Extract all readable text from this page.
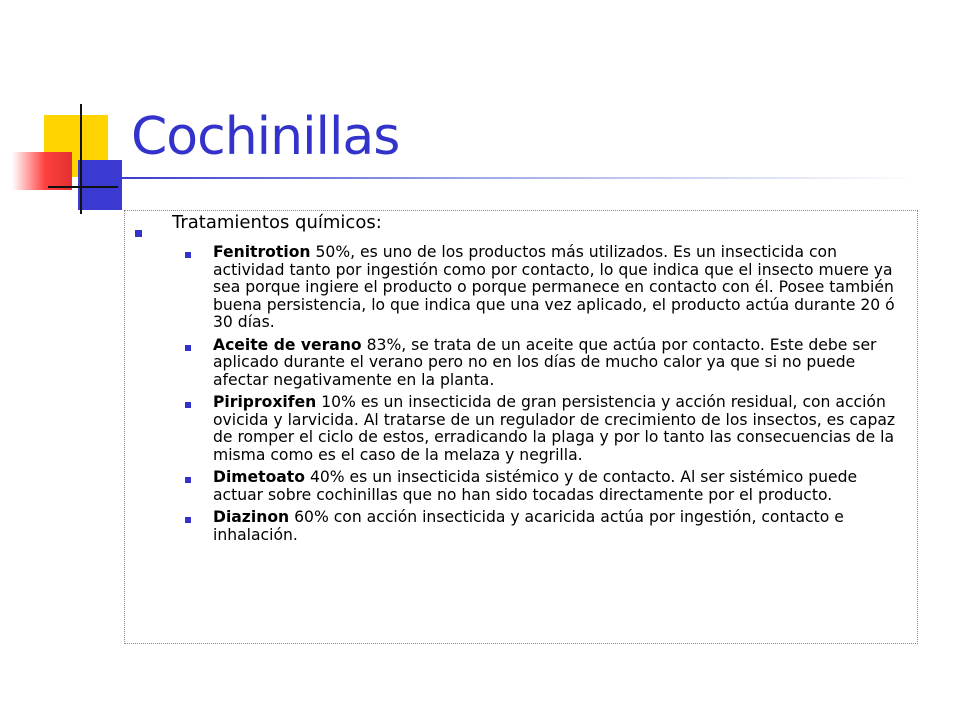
Cochinillas
Tratamientos químicos:
Fenitrotion 50%, es uno de los productos más utilizados. Es un insecticida con actividad tanto por ingestión como por contacto, lo que indica que el insecto muere ya sea porque ingiere el producto o porque permanece en contacto con él. Posee también buena persistencia, lo que indica que una vez aplicado, el producto actúa durante 20 ó 30 días.
Aceite de verano 83%, se trata de un aceite que actúa por contacto. Este debe ser aplicado durante el verano pero no en los días de mucho calor ya que si no puede afectar negativamente en la planta.
Piriproxifen 10% es un insecticida de gran persistencia y acción residual, con acción ovicida y larvicida. Al tratarse de un regulador de crecimiento de los insectos, es capaz de romper el ciclo de estos, erradicando la plaga y por lo tanto las consecuencias de la misma como es el caso de la melaza y negrilla.
Dimetoato 40% es un insecticida sistémico y de contacto. Al ser sistémico puede actuar sobre cochinillas que no han sido tocadas directamente por el producto.
Diazinon 60% con acción insecticida y acaricida actúa por ingestión, contacto e inhalación.
